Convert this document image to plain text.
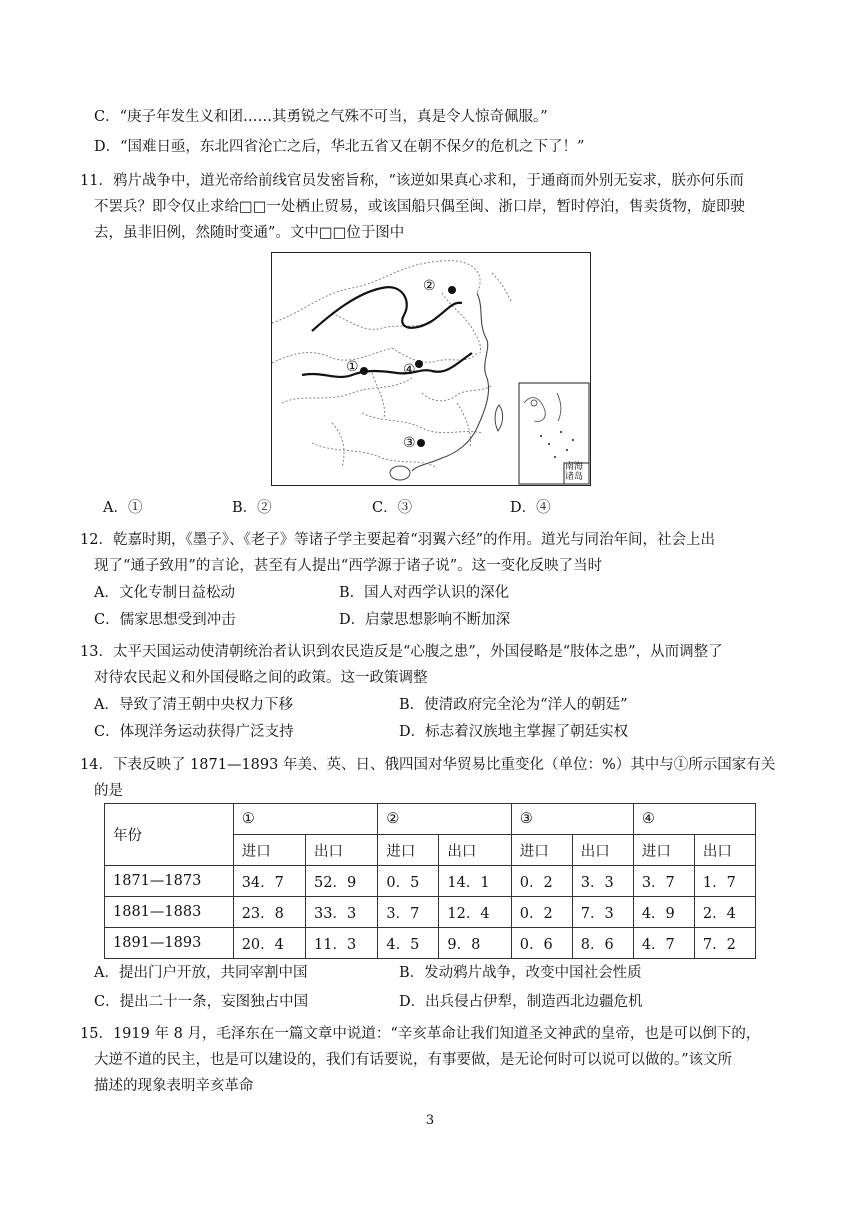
C．“庚子年发生义和团……其勇锐之气殊不可当，真是令人惊奇佩服。”
D．“国难日亟，东北四省沦亡之后，华北五省又在朝不保夕的危机之下了！”
11．鸦片战争中，道光帝给前线官员发密旨称，“该逆如果真心求和，于通商而外别无妄求，朕亦何乐而
不罢兵？即令仅止求给□□一处栖止贸易，或该国船只偶至闽、浙口岸，暂时停泊，售卖货物，旋即驶
去，虽非旧例，然随时变通”。文中□□位于图中
①
②
③
④
南海
诸岛
A．①	B．②	C．③	D．④
12．乾嘉时期，《墨子》、《老子》等诸子学主要起着“羽翼六经”的作用。道光与同治年间，社会上出
现了“通子致用”的言论，甚至有人提出“西学源于诸子说”。这一变化反映了当时
A．文化专制日益松动	B．国人对西学认识的深化
C．儒家思想受到冲击	D．启蒙思想影响不断加深
13．太平天国运动使清朝统治者认识到农民造反是“心腹之患”，外国侵略是“肢体之患”，从而调整了
对待农民起义和外国侵略之间的政策。这一政策调整
A．导致了清王朝中央权力下移	B．使清政府完全沦为“洋人的朝廷”
C．体现洋务运动获得广泛支持	D．标志着汉族地主掌握了朝廷实权
14．下表反映了 1871—1893 年美、英、日、俄四国对华贸易比重变化（单位：%）其中与①所示国家有关
的是
年份	①		②		③		④	
	进口	出口	进口	出口	进口	出口	进口	出口
1871—1873	34．7	52．9	0．5	14．1	0．2	3．3	3．7	1．7
1881—1883	23．8	33．3	3．7	12．4	0．2	7．3	4．9	2．4
1891—1893	20．4	11．3	4．5	9．8	0．6	8．6	4．7	7．2
A．提出门户开放，共同宰割中国	B．发动鸦片战争，改变中国社会性质
C．提出二十一条，妄图独占中国	D．出兵侵占伊犁，制造西北边疆危机
15．1919 年 8 月，毛泽东在一篇文章中说道：“辛亥革命让我们知道圣文神武的皇帝，也是可以倒下的，
大逆不道的民主，也是可以建设的，我们有话要说，有事要做，是无论何时可以说可以做的。”该文所
描述的现象表明辛亥革命
3
